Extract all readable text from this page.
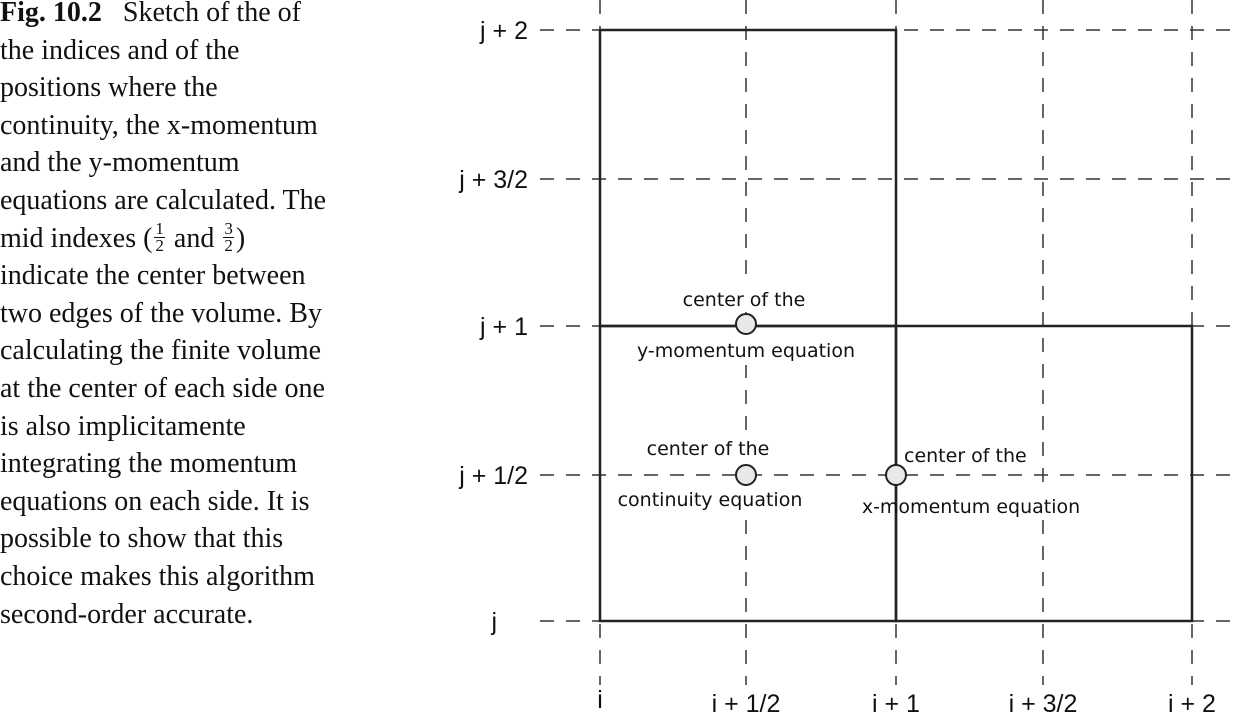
Fig. 10.2 Sketch of the of
the indices and of the
positions where the
continuity, the x-momentum
and the y-momentum
equations are calculated. The
mid indexes ( $\frac{1}{2}$ and $\frac{3}{2}$ )
indicate the center between
two edges of the volume. By
calculating the finite volume
at the center of each side one
is also implicitamente
integrating the momentum
equations on each side. It is
possible to show that this
choice makes this algorithm
second-order accurate.
j + 2
j + 3/2
j + 1
j + 1/2
j
i	i + 1/2	i + 1	i + 3/2	i + 2
center of the
y-momentum equation
center of the
continuity equation
center of the
x-momentum equation
